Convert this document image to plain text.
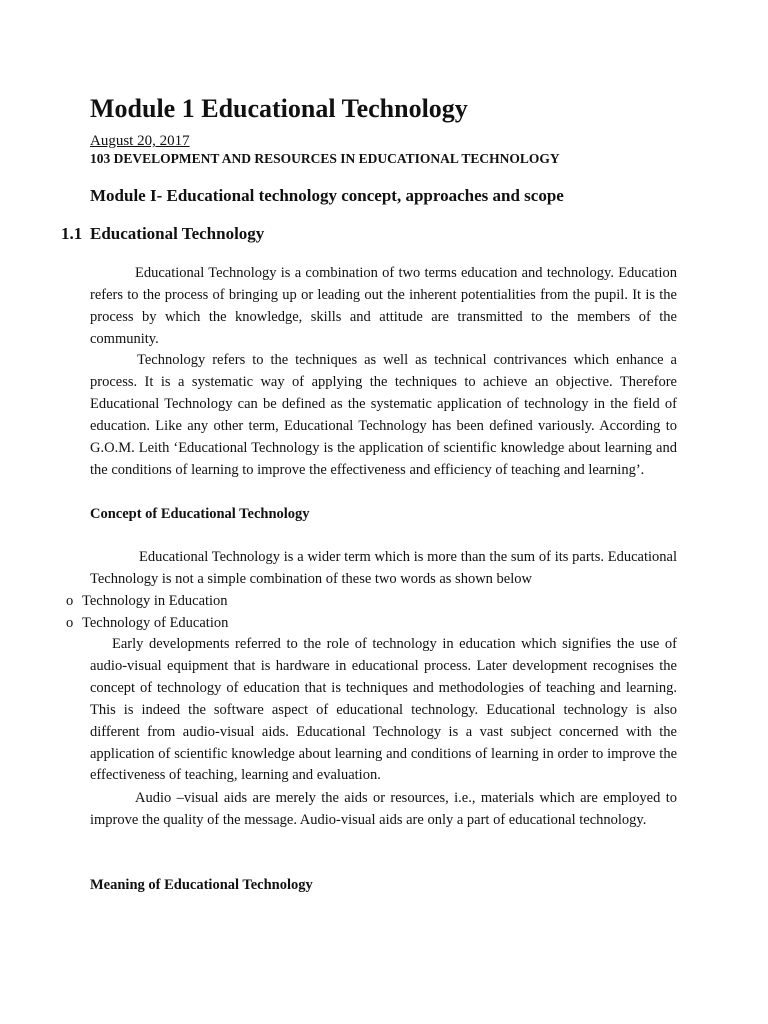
Module 1 Educational Technology
August 20, 2017
103 DEVELOPMENT AND RESOURCES IN EDUCATIONAL TECHNOLOGY
Module I- Educational technology concept, approaches and scope
1.1 Educational Technology

Educational Technology is a combination of two terms education and technology. Education refers to the process of bringing up or leading out the inherent potentialities from the pupil. It is the process by which the knowledge, skills and attitude are transmitted to the members of the community.

Technology refers to the techniques as well as technical contrivances which enhance a process. It is a systematic way of applying the techniques to achieve an objective. Therefore Educational Technology can be defined as the systematic application of technology in the field of education. Like any other term, Educational Technology has been defined variously. According to G.O.M. Leith ‘Educational Technology is the application of scientific knowledge about learning and the conditions of learning to improve the effectiveness and efficiency of teaching and learning’.

Concept of Educational Technology

Educational Technology is a wider term which is more than the sum of its parts. Educational Technology is not a simple combination of these two words as shown below

o Technology in Education
o Technology of Education

Early developments referred to the role of technology in education which signifies the use of audio-visual equipment that is hardware in educational process. Later development recognises the concept of technology of education that is techniques and methodologies of teaching and learning. This is indeed the software aspect of educational technology. Educational technology is also different from audio-visual aids. Educational Technology is a vast subject concerned with the application of scientific knowledge about learning and conditions of learning in order to improve the effectiveness of teaching, learning and evaluation.

Audio –visual aids are merely the aids or resources, i.e., materials which are employed to improve the quality of the message. Audio-visual aids are only a part of educational technology.

Meaning of Educational Technology
